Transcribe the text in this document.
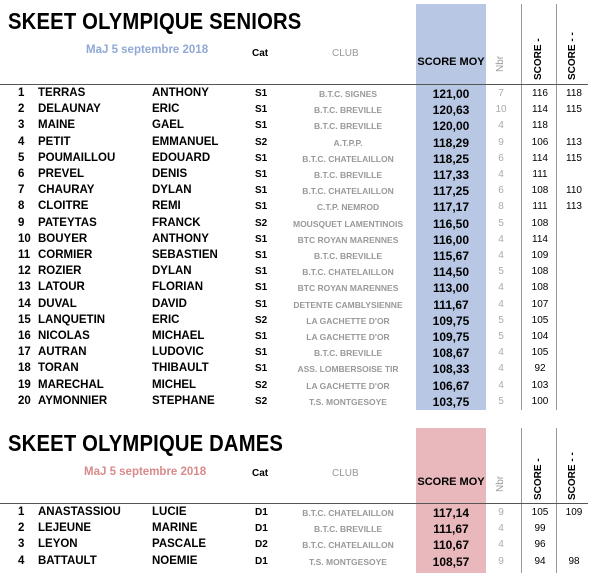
SKEET OLYMPIQUE SENIORS
MaJ 5 septembre 2018	Cat	CLUB
SCORE MOY Nbr	SCORE - SCORE - -
1 TERRAS	ANTHONY	S1	B.T.C. SIGNES	121,00	7	116	118
2 DELAUNAY	ERIC	S1	B.T.C. BREVILLE	120,63	10	114	115
3 MAINE	GAEL	S1	B.T.C. BREVILLE	120,00	4	118
4 PETIT	EMMANUEL	S2	A.T.P.P.	118,29	9	106	113
5 POUMAILLOU	EDOUARD	S1	B.T.C. CHATELAILLON	118,25	6	114	115
6 PREVEL	DENIS	S1	B.T.C. BREVILLE	117,33	4	111
7 CHAURAY	DYLAN	S1	B.T.C. CHATELAILLON	117,25	6	108	110
8 CLOITRE	REMI	S1	C.T.P. NEMROD	117,17	8	111	113
9 PATEYTAS	FRANCK	S2	MOUSQUET LAMENTINOIS	116,50	5	108
10 BOUYER	ANTHONY	S1	BTC ROYAN MARENNES	116,00	4	114
11 CORMIER	SEBASTIEN	S1	B.T.C. BREVILLE	115,67	4	109
12 ROZIER	DYLAN	S1	B.T.C. CHATELAILLON	114,50	5	108
13 LATOUR	FLORIAN	S1	BTC ROYAN MARENNES	113,00	4	108
14 DUVAL	DAVID	S1	DETENTE CAMBLYSIENNE	111,67	4	107
15 LANQUETIN	ERIC	S2	LA GACHETTE D'OR	109,75	5	105
16 NICOLAS	MICHAEL	S1	LA GACHETTE D'OR	109,75	5	104
17 AUTRAN	LUDOVIC	S1	B.T.C. BREVILLE	108,67	4	105
18 TORAN	THIBAULT	S1	ASS. LOMBERSOISE TIR	108,33	4	92
19 MARECHAL	MICHEL	S2	LA GACHETTE D'OR	106,67	4	103
20 AYMONNIER	STEPHANE	S2	T.S. MONTGESOYE	103,75	5	100
SKEET OLYMPIQUE DAMES
MaJ 5 septembre 2018	Cat	CLUB
SCORE MOY Nbr	SCORE - SCORE - -
1 ANASTASSIOU	LUCIE	D1	B.T.C. CHATELAILLON	117,14	9	105	109
2 LEJEUNE	MARINE	D1	B.T.C. BREVILLE	111,67	4	99
3 LEYON	PASCALE	D2	B.T.C. CHATELAILLON	110,67	4	96
4 BATTAULT	NOEMIE	D1	T.S. MONTGESOYE	108,57	9	94	98
